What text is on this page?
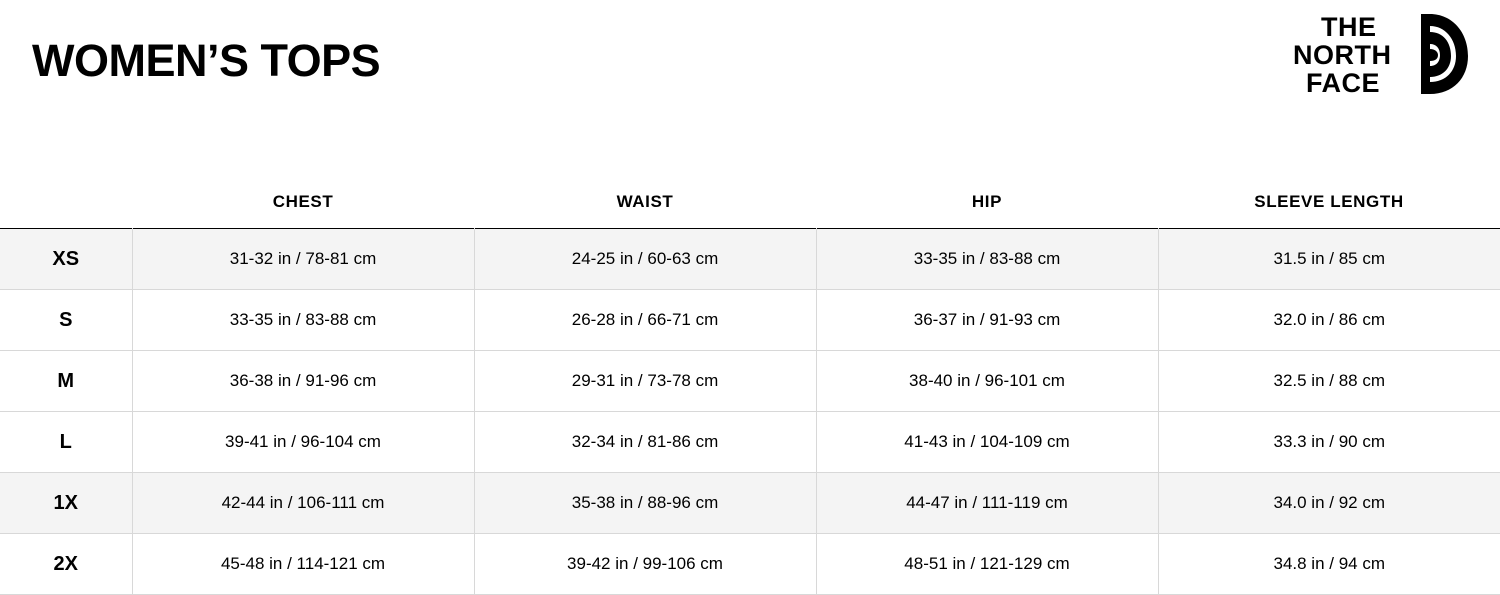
WOMEN’S TOPS
THE
NORTH
FACE
	CHEST	WAIST	HIP	SLEEVE LENGTH
XS	31-32 in / 78-81 cm	24-25 in / 60-63 cm	33-35 in / 83-88 cm	31.5 in / 85 cm
S	33-35 in / 83-88 cm	26-28 in / 66-71 cm	36-37 in / 91-93 cm	32.0 in / 86 cm
M	36-38 in / 91-96 cm	29-31 in / 73-78 cm	38-40 in / 96-101 cm	32.5 in / 88 cm
L	39-41 in / 96-104 cm	32-34 in / 81-86 cm	41-43 in / 104-109 cm	33.3 in / 90 cm
1X	42-44 in / 106-111 cm	35-38 in / 88-96 cm	44-47 in / 111-119 cm	34.0 in / 92 cm
2X	45-48 in / 114-121 cm	39-42 in / 99-106 cm	48-51 in / 121-129 cm	34.8 in / 94 cm
